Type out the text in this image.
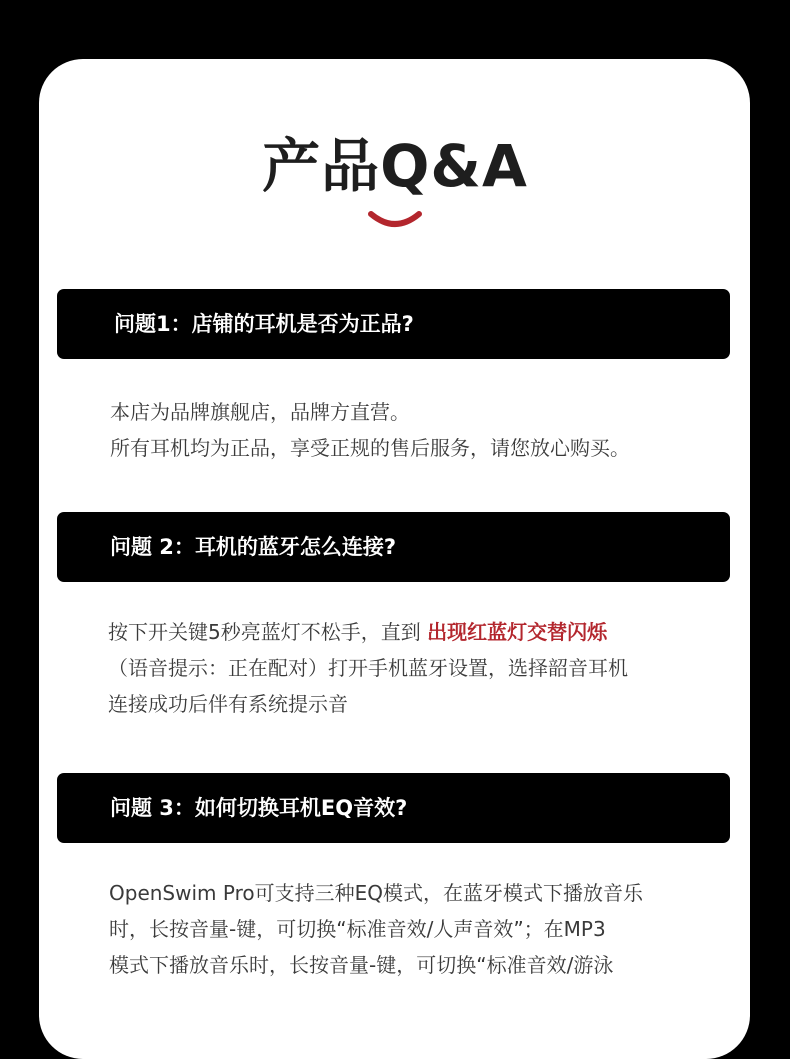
产品Q&A
问题1：店铺的耳机是否为正品?
本店为品牌旗舰店，品牌方直营。
所有耳机均为正品，享受正规的售后服务，请您放心购买。
问题 2：耳机的蓝牙怎么连接?
按下开关键5秒亮蓝灯不松手，直到 出现红蓝灯交替闪烁
（语音提示：正在配对）打开手机蓝牙设置，选择韶音耳机
连接成功后伴有系统提示音
问题 3：如何切换耳机EQ音效?
OpenSwim Pro可支持三种EQ模式，在蓝牙模式下播放音乐
时，长按音量-键，可切换“标准音效/人声音效”；在MP3
模式下播放音乐时，长按音量-键，可切换“标准音效/游泳
